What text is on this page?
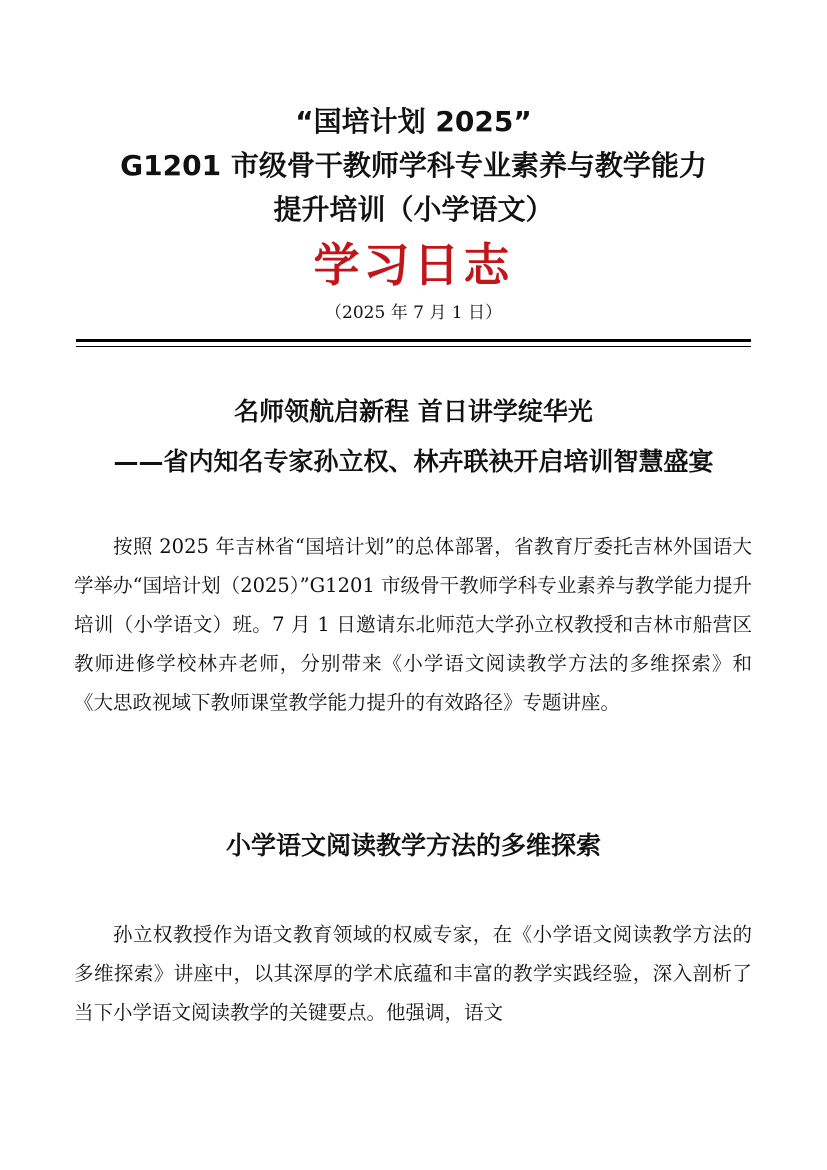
“国培计划 2025”
G1201 市级骨干教师学科专业素养与教学能力
提升培训（小学语文）
学习日志
（2025 年 7 月 1 日）
名师领航启新程 首日讲学绽华光
——省内知名专家孙立权、林卉联袂开启培训智慧盛宴

按照 2025 年吉林省“国培计划”的总体部署，省教育厅委托吉林外国语大学举办“国培计划（2025）”G1201 市级骨干教师学科专业素养与教学能力提升培训（小学语文）班。7 月 1 日邀请东北师范大学孙立权教授和吉林市船营区教师进修学校林卉老师，分别带来《小学语文阅读教学方法的多维探索》和《大思政视域下教师课堂教学能力提升的有效路径》专题讲座。

小学语文阅读教学方法的多维探索

孙立权教授作为语文教育领域的权威专家，在《小学语文阅读教学方法的多维探索》讲座中，以其深厚的学术底蕴和丰富的教学实践经验，深入剖析了当下小学语文阅读教学的关键要点。他强调，语文
